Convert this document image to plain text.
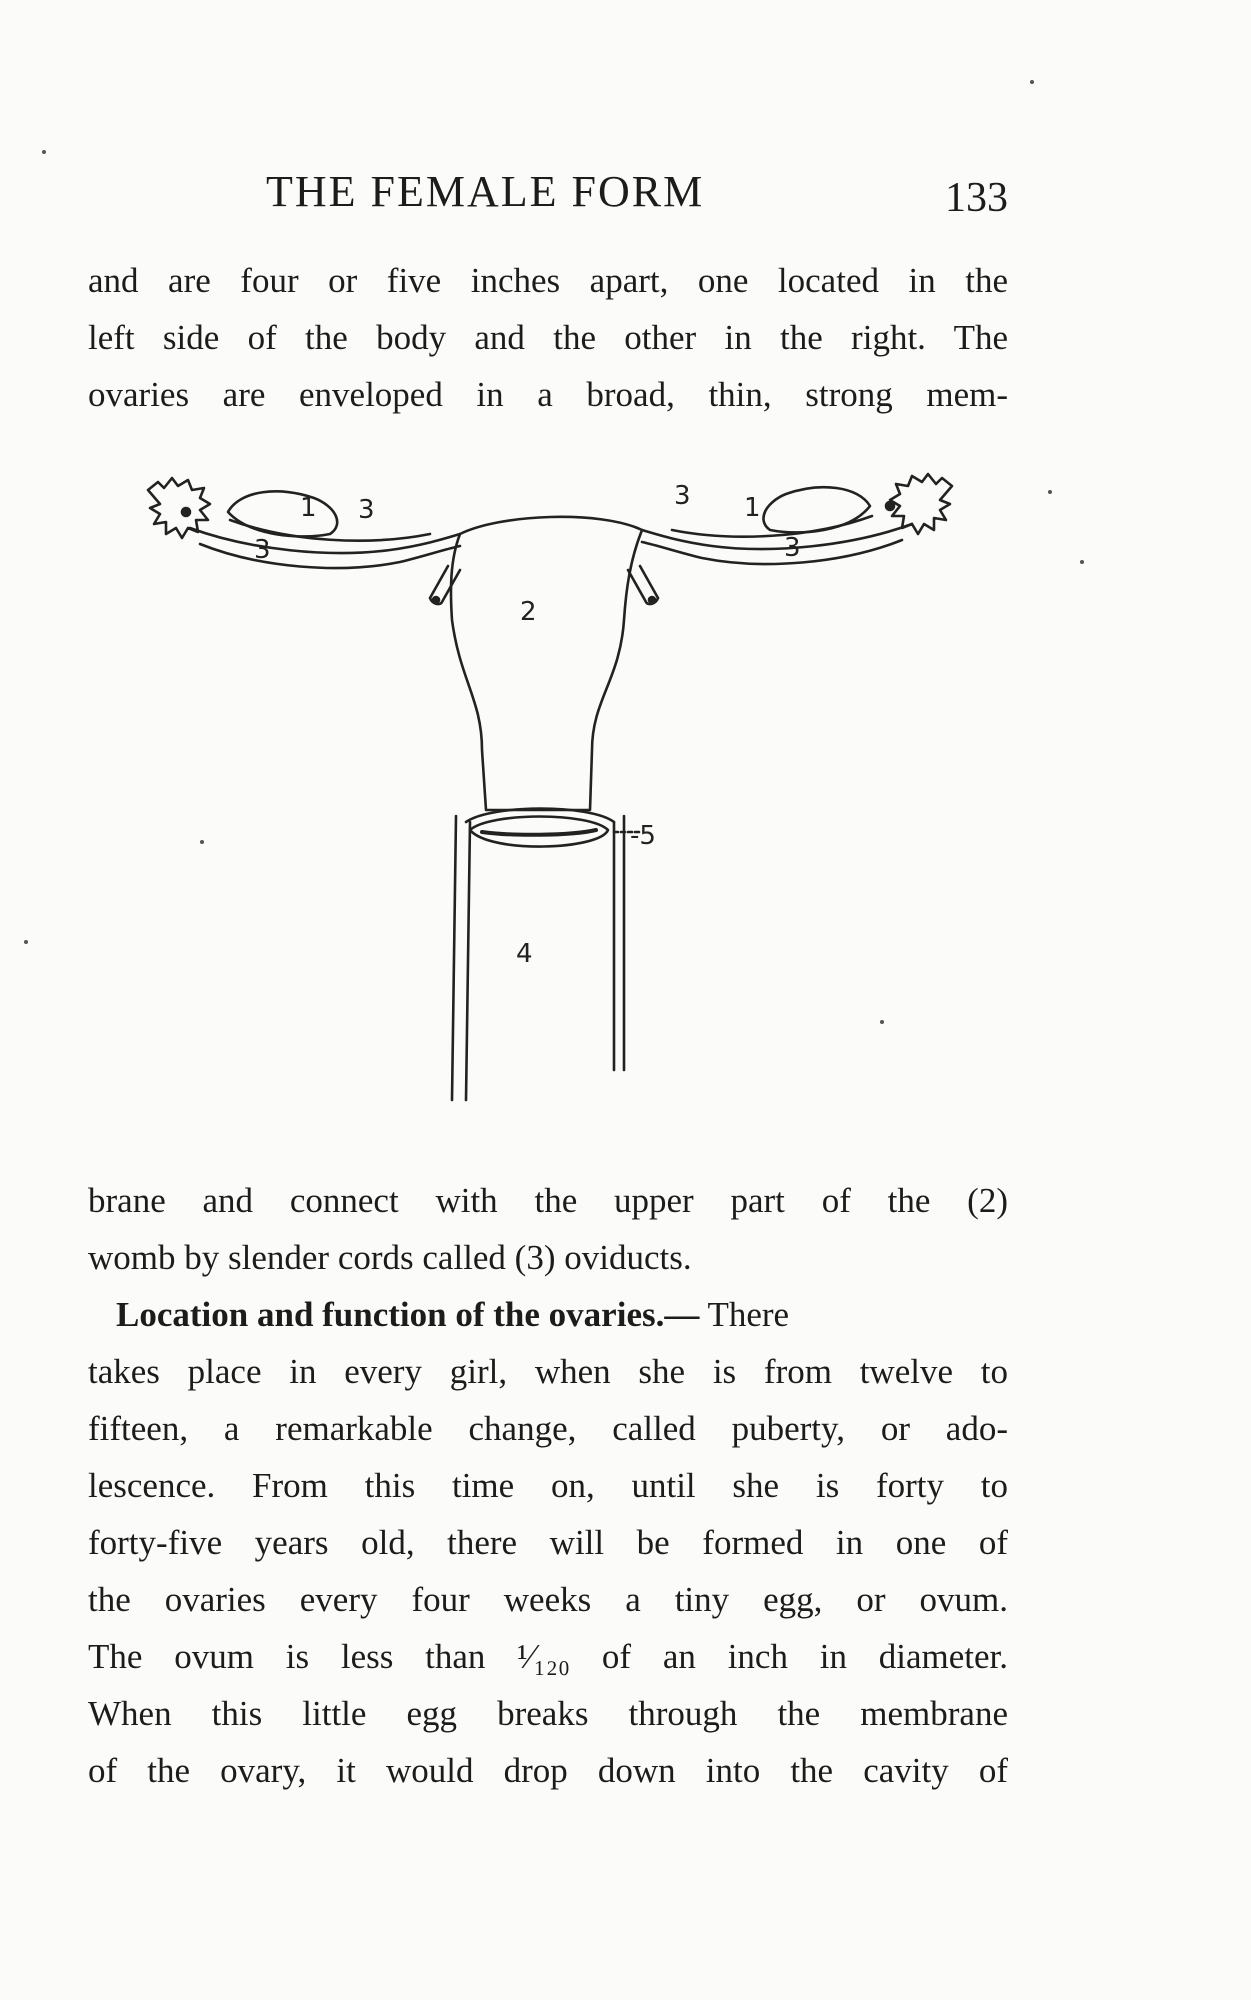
THE FEMALE FORM	133
and are four or five inches apart, one located in the
left side of the body and the other in the right. The
ovaries are enveloped in a broad, thin, strong mem-
1 3
3
3 1
3
2
-5
4
brane and connect with the upper part of the (2)
womb by slender cords called (3) oviducts.
Location and function of the ovaries.— There
takes place in every girl, when she is from twelve to
fifteen, a remarkable change, called puberty, or ado-
lescence. From this time on, until she is forty to
forty-five years old, there will be formed in one of
the ovaries every four weeks a tiny egg, or ovum.
The ovum is less than ¹⁄₁₂₀ of an inch in diameter.
When this little egg breaks through the membrane
of the ovary, it would drop down into the cavity of
